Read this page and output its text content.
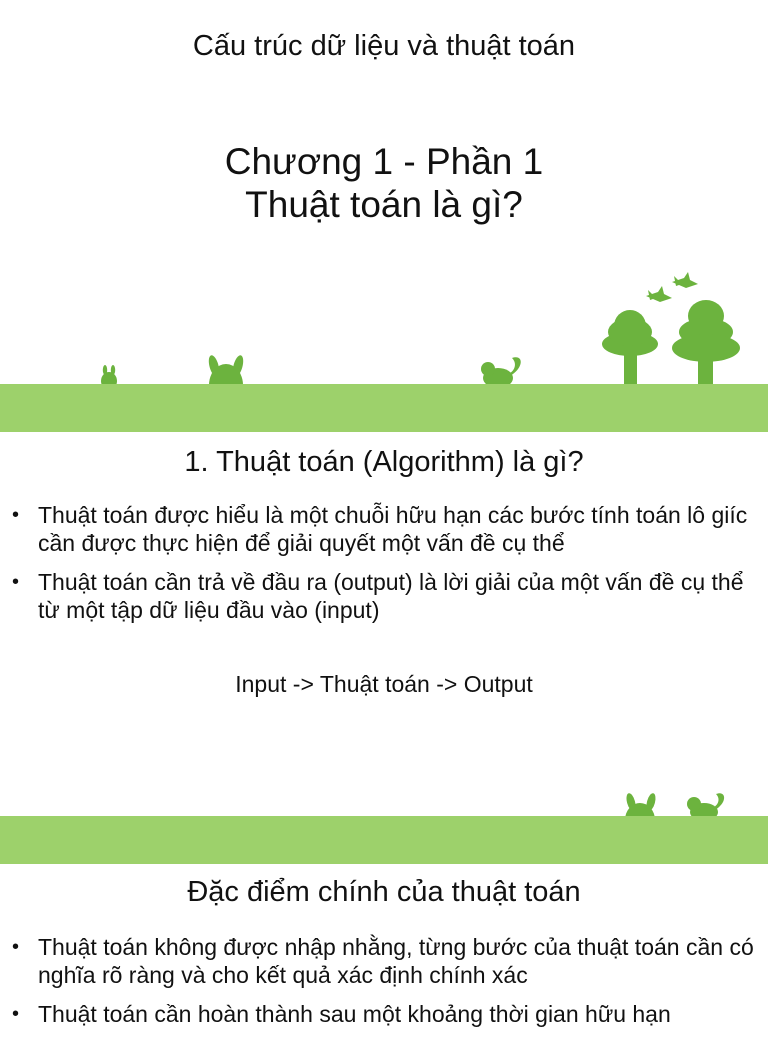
Cấu trúc dữ liệu và thuật toán
Chương 1 - Phần 1
Thuật toán là gì?
1. Thuật toán (Algorithm) là gì?
• Thuật toán được hiểu là một chuỗi hữu hạn các bước tính toán lô giíc cần được thực hiện để giải quyết một vấn đề cụ thể
• Thuật toán cần trả về đầu ra (output) là lời giải của một vấn đề cụ thể từ một tập dữ liệu đầu vào (input)
Input -> Thuật toán -> Output
Đặc điểm chính của thuật toán
• Thuật toán không được nhập nhằng, từng bước của thuật toán cần có nghĩa rõ ràng và cho kết quả xác định chính xác
• Thuật toán cần hoàn thành sau một khoảng thời gian hữu hạn
